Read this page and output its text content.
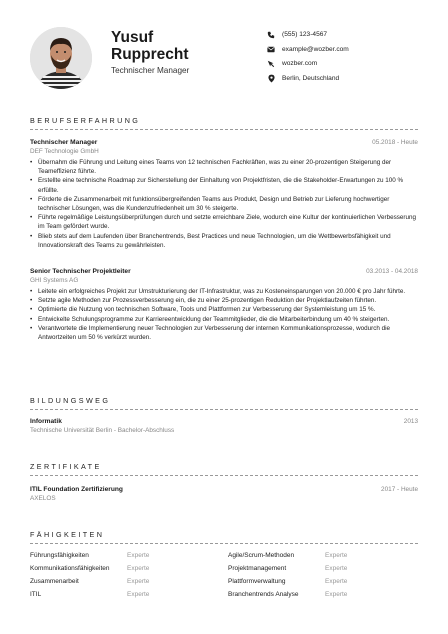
Yusuf
Rupprecht
Technischer Manager
(555) 123-4567
example@wozber.com
wozber.com
Berlin, Deutschland
BERUFSERFAHRUNG
Technischer Manager	05.2018 - Heute
DEF Technologie GmbH
• Übernahm die Führung und Leitung eines Teams von 12 technischen Fachkräften, was zu einer 20-prozentigen Steigerung der Teameffizienz führte.
• Erstellte eine technische Roadmap zur Sicherstellung der Einhaltung von Projektfristen, die die Stakeholder-Erwartungen zu 100 % erfüllte.
• Förderte die Zusammenarbeit mit funktionsübergreifenden Teams aus Produkt, Design und Betrieb zur Lieferung hochwertiger technischer Lösungen, was die Kundenzufriedenheit um 30 % steigerte.
• Führte regelmäßige Leistungsüberprüfungen durch und setzte erreichbare Ziele, wodurch eine Kultur der kontinuierlichen Verbesserung im Team gefördert wurde.
• Blieb stets auf dem Laufenden über Branchentrends, Best Practices und neue Technologien, um die Wettbewerbsfähigkeit und Innovationskraft des Teams zu gewährleisten.
Senior Technischer Projektleiter	03.2013 - 04.2018
GHI Systems AG
• Leitete ein erfolgreiches Projekt zur Umstrukturierung der IT-Infrastruktur, was zu Kosteneinsparungen von 20.000 € pro Jahr führte.
• Setzte agile Methoden zur Prozessverbesserung ein, die zu einer 25-prozentigen Reduktion der Projektlaufzeiten führten.
• Optimierte die Nutzung von technischen Software, Tools und Plattformen zur Verbesserung der Systemleistung um 15 %.
• Entwickelte Schulungsprogramme zur Karriereentwicklung der Teammitglieder, die die Mitarbeiterbindung um 40 % steigerten.
• Verantwortete die Implementierung neuer Technologien zur Verbesserung der internen Kommunikationsprozesse, wodurch die Antwortzeiten um 50 % verkürzt wurden.
BILDUNGSWEG
Informatik	2013
Technische Universität Berlin - Bachelor-Abschluss
ZERTIFIKATE
ITIL Foundation Zertifizierung	2017 - Heute
AXELOS
FÄHIGKEITEN
Führungsfähigkeiten	Experte	Agile/Scrum-Methoden	Experte
Kommunikationsfähigkeiten	Experte	Projektmanagement	Experte
Zusammenarbeit	Experte	Plattformverwaltung	Experte
ITIL	Experte	Branchentrends Analyse	Experte
